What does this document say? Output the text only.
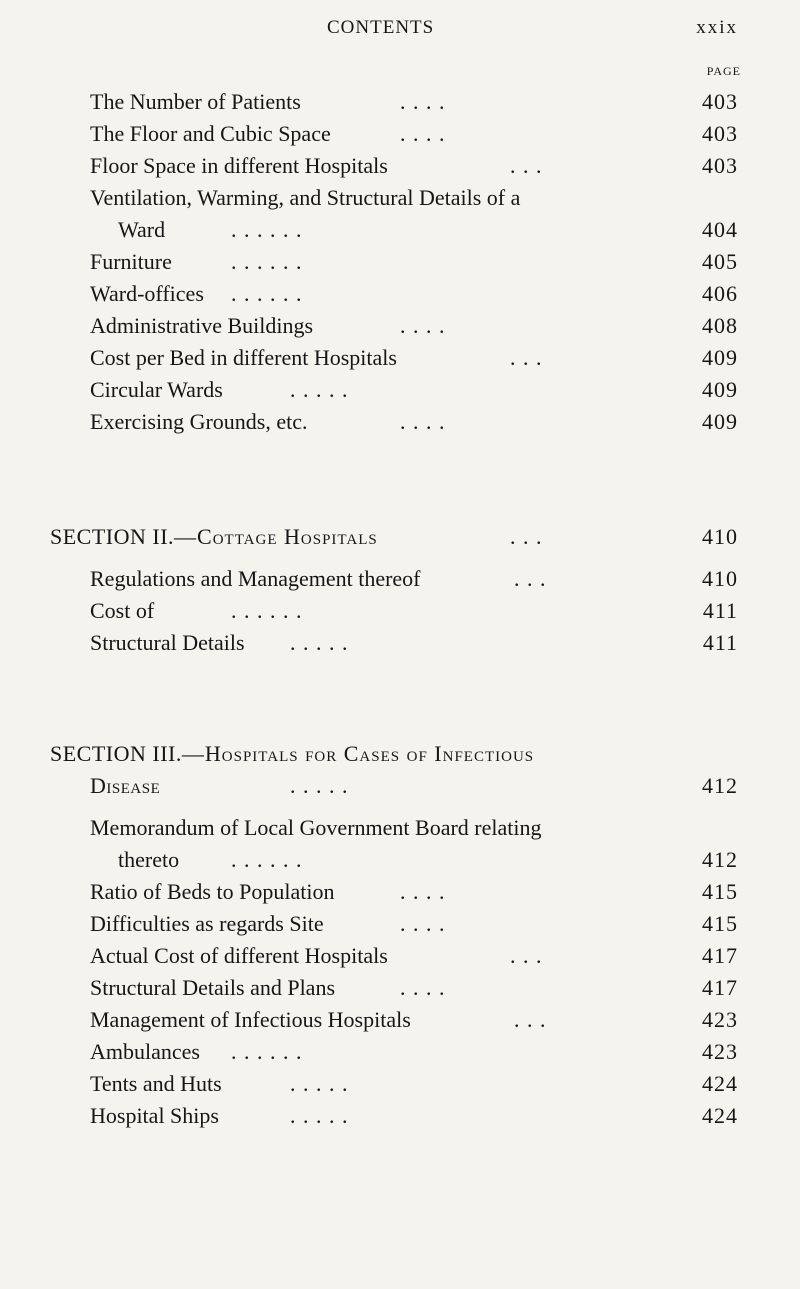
CONTENTS	xxix
PAGE
The Number of Patients	. . . .	403
The Floor and Cubic Space	. . . .	403
Floor Space in different Hospitals	. . .	403
Ventilation, Warming, and Structural Details of a
Ward	. . . . . .	404
Furniture	. . . . . .	405
Ward-offices . . . . . .	406
Administrative Buildings	. . . .	408
Cost per Bed in different Hospitals	. . .	409
Circular Wards	. . . . .	409
Exercising Grounds, etc.	. . . .	409
SECTION II.—Cottage Hospitals	. . .	410
Regulations and Management thereof	. . .	410
Cost of	. . . . . .	411
Structural Details . . . . .	411
SECTION III.—Hospitals for Cases of Infectious
Disease	. . . . .	412
Memorandum of Local Government Board relating
thereto . . . . . .	412
Ratio of Beds to Population	. . . .	415
Difficulties as regards Site	. . . .	415
Actual Cost of different Hospitals	. . .	417
Structural Details and Plans	. . . .	417
Management of Infectious Hospitals	. . .	423
Ambulances . . . . . .	423
Tents and Huts	. . . . .	424
Hospital Ships	. . . . .	424
